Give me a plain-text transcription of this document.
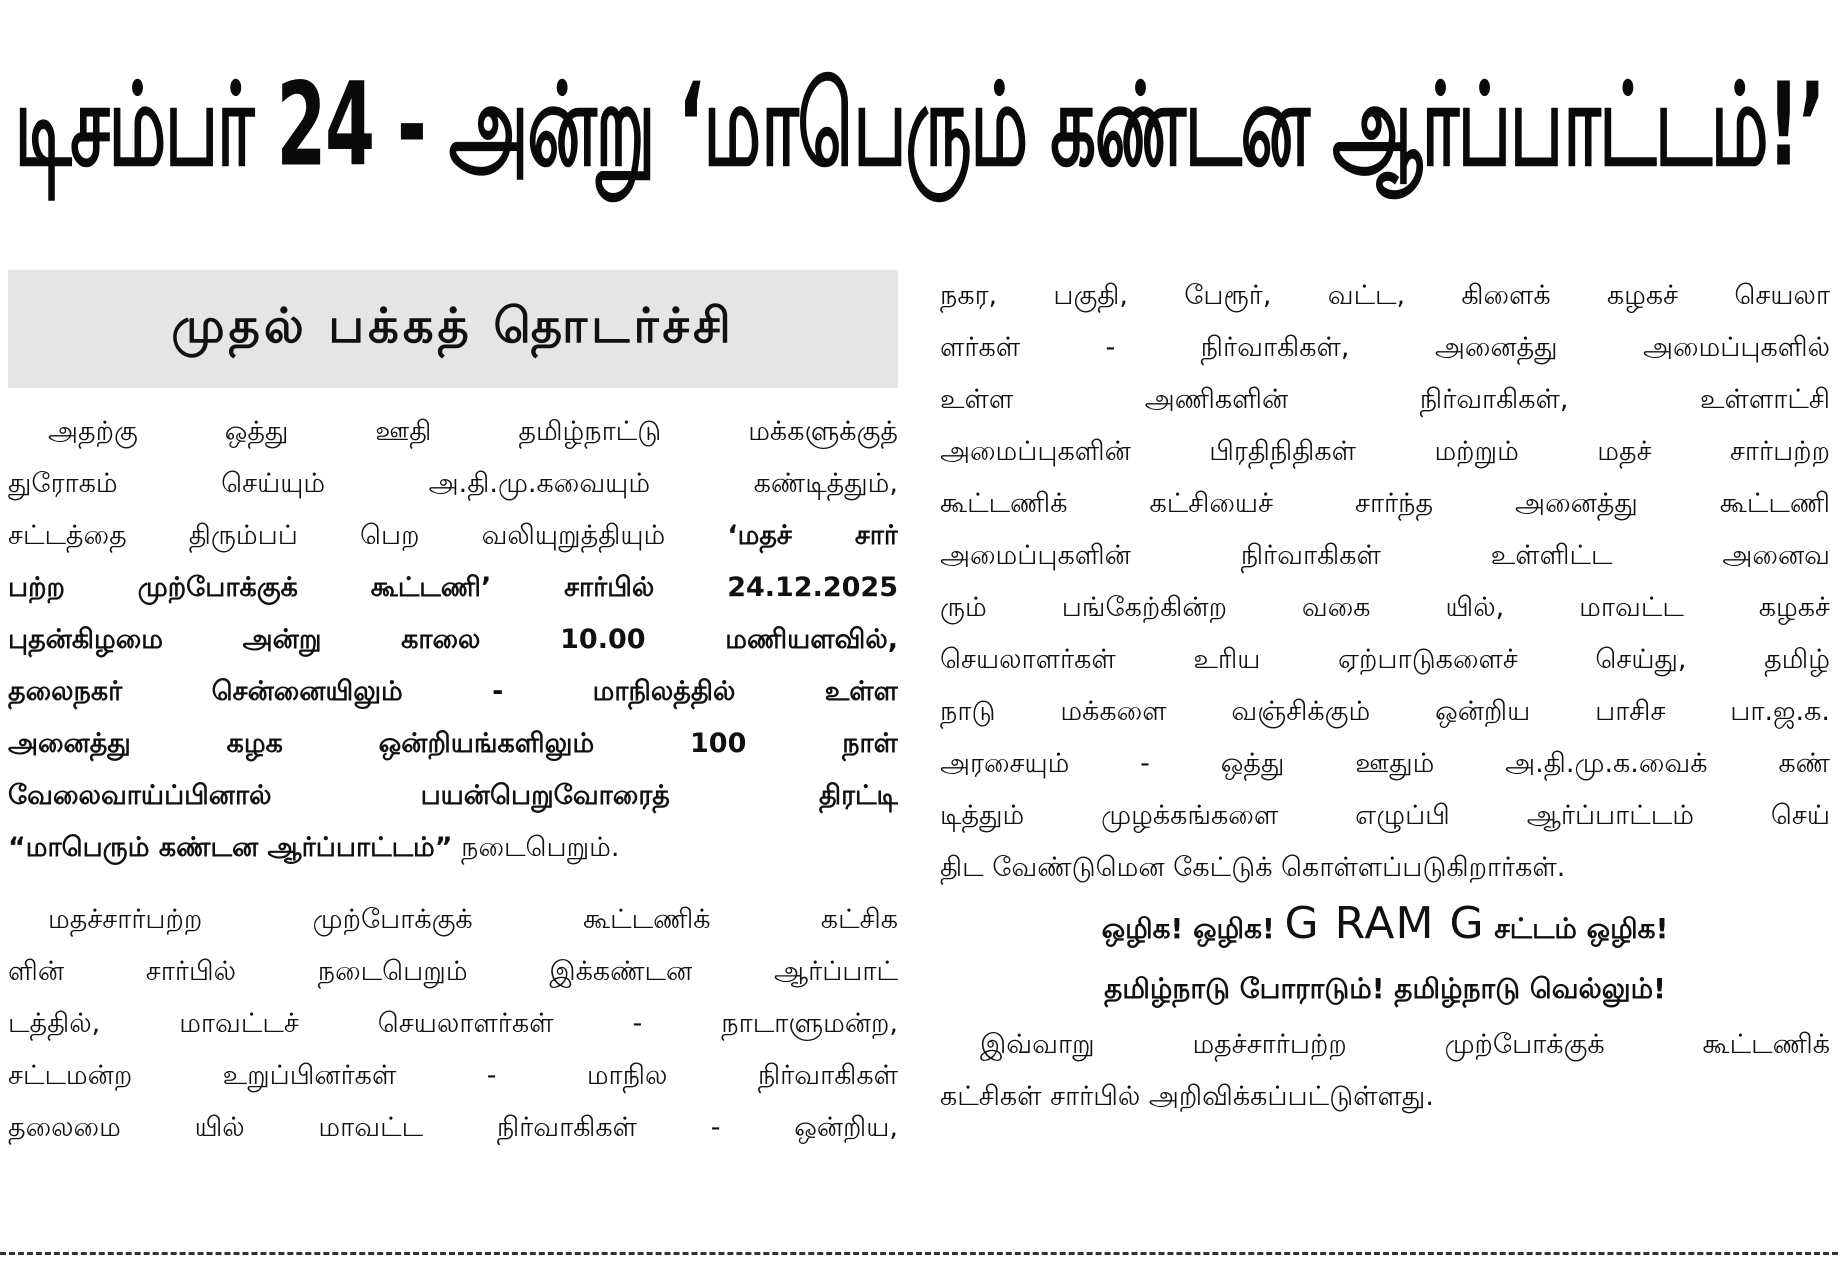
டிசம்பர் 24 - அன்று ‘மாபெரும் கண்டன ஆர்ப்பாட்டம்!’
முதல் பக்கத் தொடர்ச்சி
அதற்கு ஒத்து ஊதி தமிழ்நாட்டு மக்களுக்குத்
துரோகம் செய்யும் அ.தி.மு.கவையும் கண்டித்தும்,
சட்டத்தை திரும்பப் பெற வலியுறுத்தியும் ‘மதச் சார்
பற்ற முற்போக்குக் கூட்டணி’ சார்பில் 24.12.2025
புதன்கிழமை அன்று காலை 10.00 மணியளவில்,
தலைநகர் சென்னையிலும் - மாநிலத்தில் உள்ள
அனைத்து கழக ஒன்றியங்களிலும் 100 நாள்
வேலைவாய்ப்பினால் பயன்பெறுவோரைத் திரட்டி
“மாபெரும் கண்டன ஆர்ப்பாட்டம்” நடைபெறும்.
மதச்சார்பற்ற முற்போக்குக் கூட்டணிக் கட்சிக
ளின் சார்பில் நடைபெறும் இக்கண்டன ஆர்ப்பாட்
டத்தில், மாவட்டச் செயலாளர்கள் - நாடாளுமன்ற,
சட்டமன்ற உறுப்பினர்கள் - மாநில நிர்வாகிகள்
தலைமை யில் மாவட்ட நிர்வாகிகள் - ஒன்றிய,
நகர, பகுதி, பேரூர், வட்ட, கிளைக் கழகச் செயலா
ளர்கள் - நிர்வாகிகள், அனைத்து அமைப்புகளில்
உள்ள அணிகளின் நிர்வாகிகள், உள்ளாட்சி
அமைப்புகளின் பிரதிநிதிகள் மற்றும் மதச் சார்பற்ற
கூட்டணிக் கட்சியைச் சார்ந்த அனைத்து கூட்டணி
அமைப்புகளின் நிர்வாகிகள் உள்ளிட்ட அனைவ
ரும் பங்கேற்கின்ற வகை யில், மாவட்ட கழகச்
செயலாளர்கள் உரிய ஏற்பாடுகளைச் செய்து, தமிழ்
நாடு மக்களை வஞ்சிக்கும் ஒன்றிய பாசிச பா.ஜ.க.
அரசையும் - ஒத்து ஊதும் அ.தி.மு.க.வைக் கண்
டித்தும் முழக்கங்களை எழுப்பி ஆர்ப்பாட்டம் செய்
திட வேண்டுமென கேட்டுக் கொள்ளப்படுகிறார்கள்.
ஒழிக! ஒழிக! G RAM G சட்டம் ஒழிக!
தமிழ்நாடு போராடும்! தமிழ்நாடு வெல்லும்!
இவ்வாறு மதச்சார்பற்ற முற்போக்குக் கூட்டணிக்
கட்சிகள் சார்பில் அறிவிக்கப்பட்டுள்ளது.
